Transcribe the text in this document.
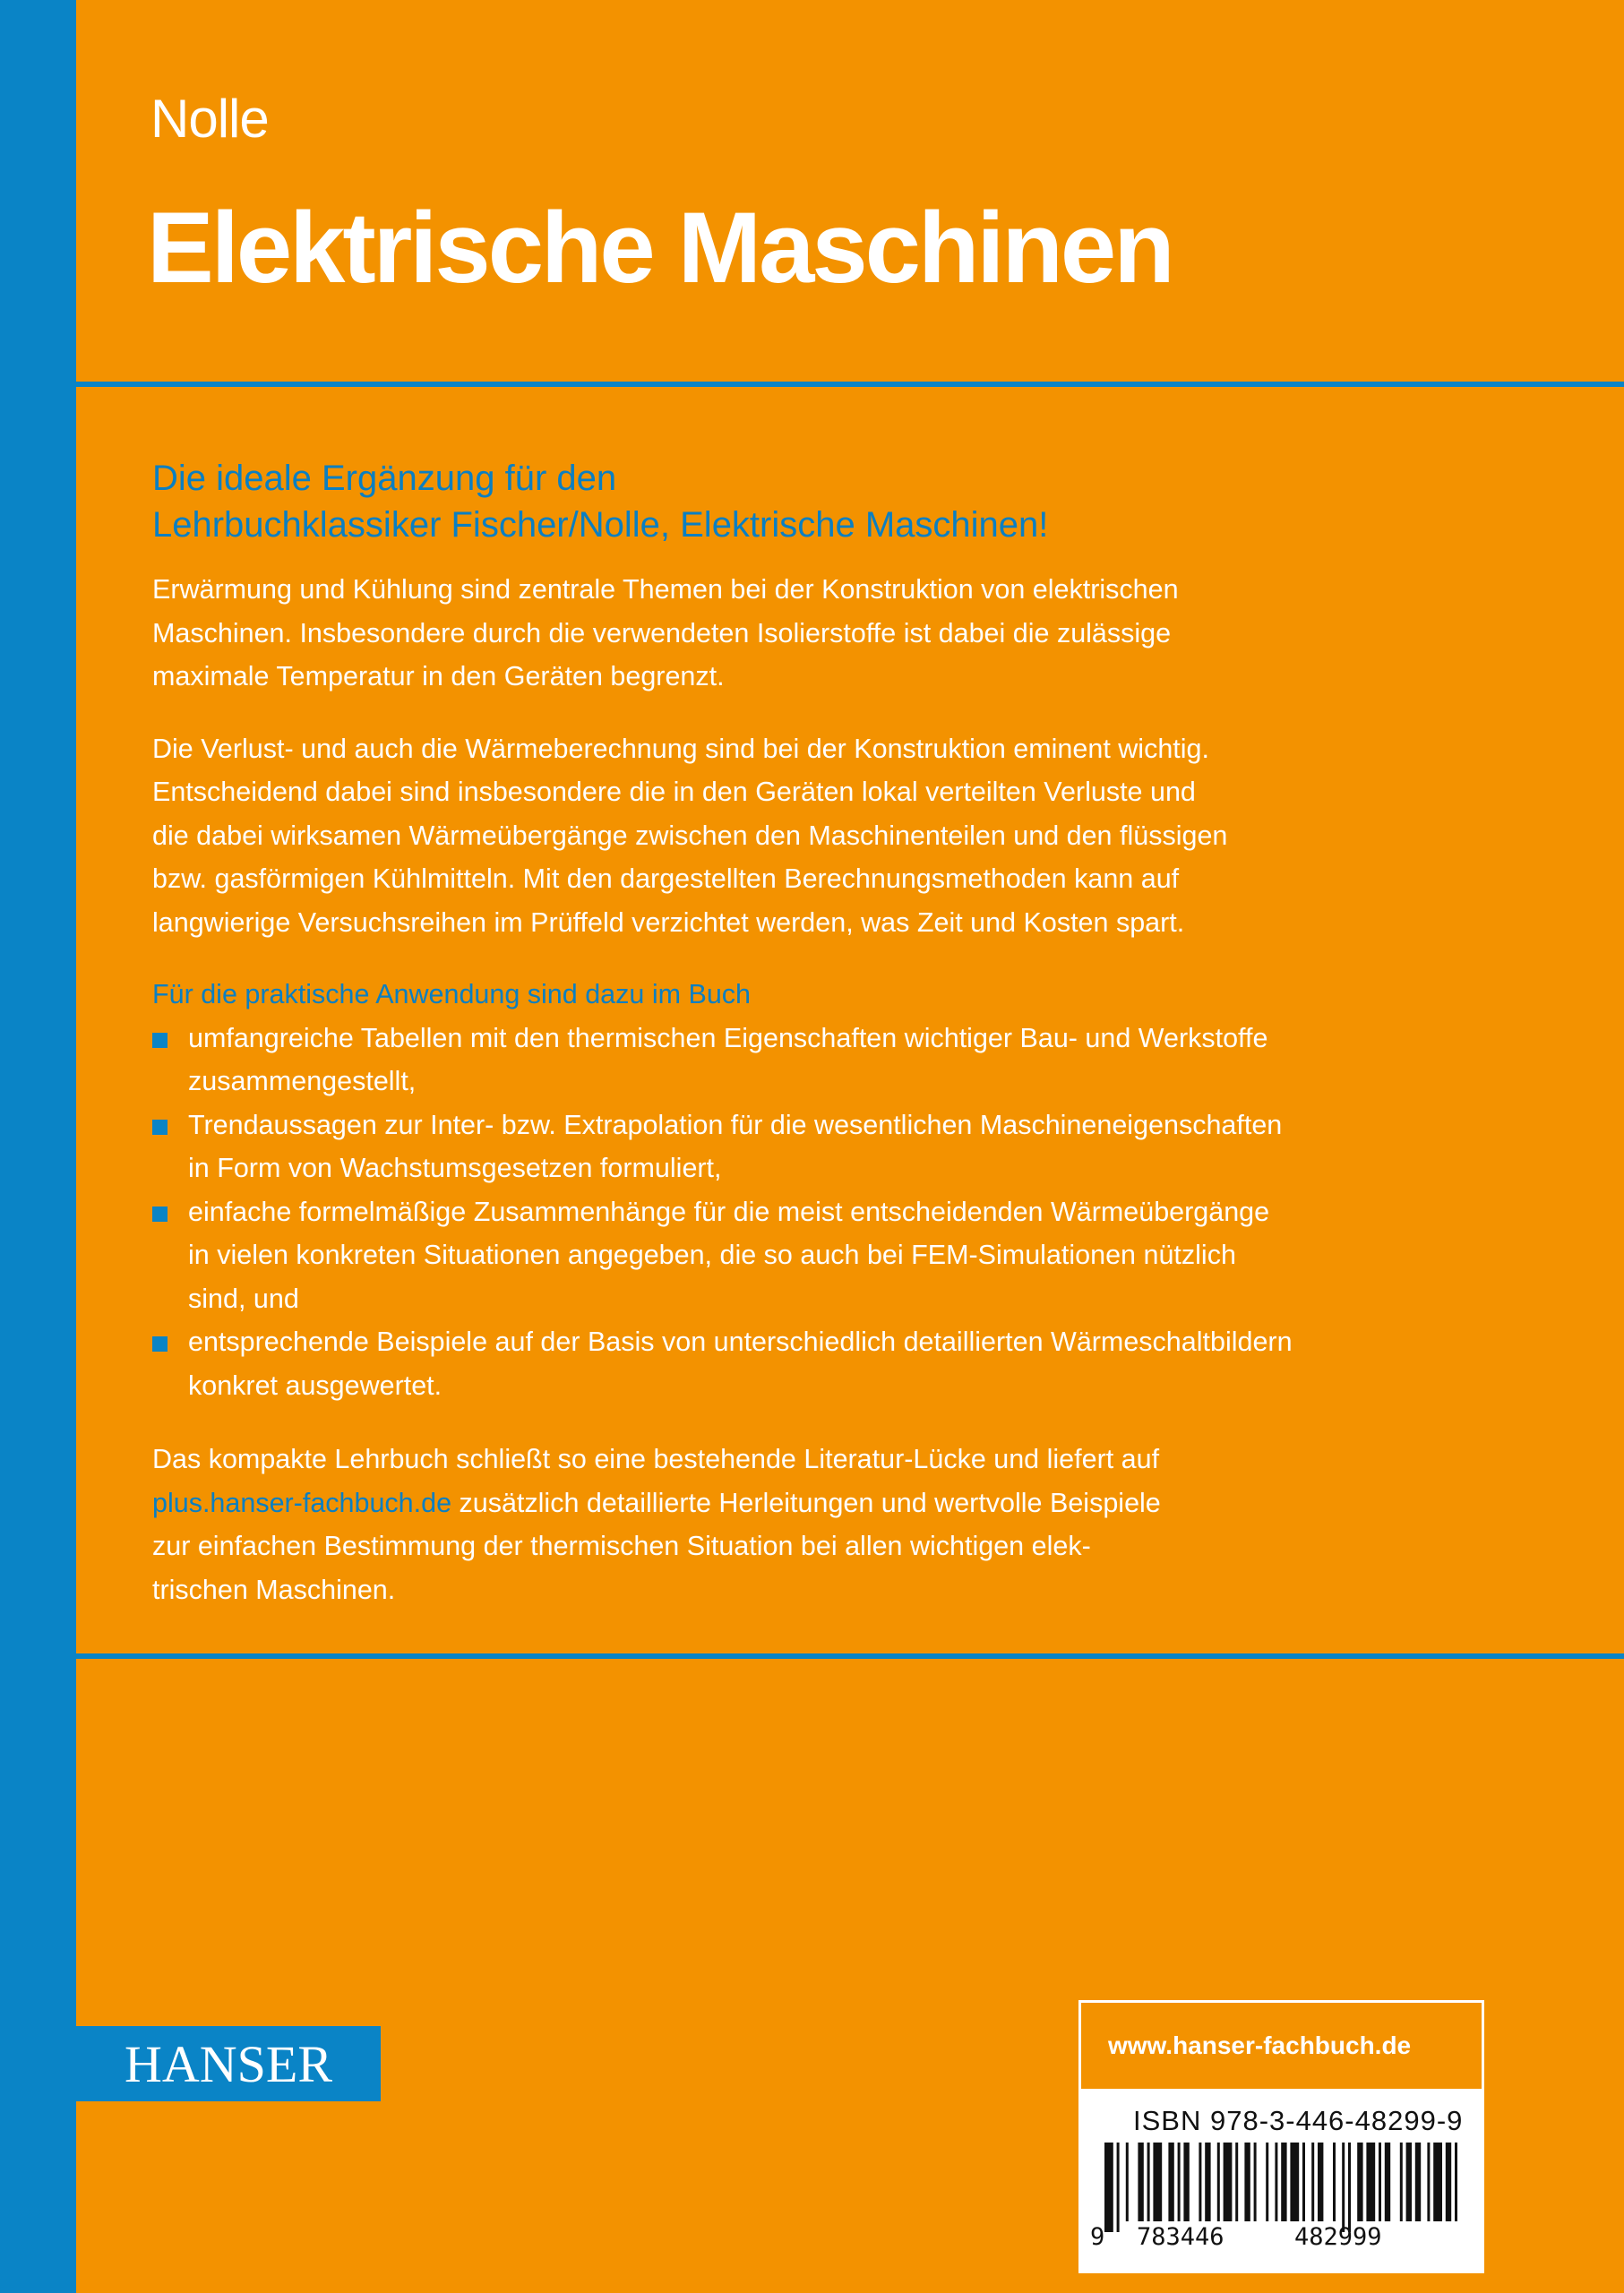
Nolle
Elektrische Maschinen
Die ideale Ergänzung für den
Lehrbuchklassiker Fischer/Nolle, Elektrische Maschinen!
Erwärmung und Kühlung sind zentrale Themen bei der Konstruktion von elektrischen
Maschinen. Insbesondere durch die verwendeten Isolierstoffe ist dabei die zulässige
maximale Temperatur in den Geräten begrenzt.
Die Verlust- und auch die Wärmeberechnung sind bei der Konstruktion eminent wichtig.
Entscheidend dabei sind insbesondere die in den Geräten lokal verteilten Verluste und
die dabei wirksamen Wärmeübergänge zwischen den Maschinenteilen und den flüssigen
bzw. gasförmigen Kühlmitteln. Mit den dargestellten Berechnungsmethoden kann auf
langwierige Versuchsreihen im Prüffeld verzichtet werden, was Zeit und Kosten spart.
Für die praktische Anwendung sind dazu im Buch
umfangreiche Tabellen mit den thermischen Eigenschaften wichtiger Bau- und Werkstoffe
zusammengestellt,
Trendaussagen zur Inter- bzw. Extrapolation für die wesentlichen Maschineneigenschaften
in Form von Wachstumsgesetzen formuliert,
einfache formelmäßige Zusammenhänge für die meist entscheidenden Wärmeübergänge
in vielen konkreten Situationen angegeben, die so auch bei FEM-Simulationen nützlich
sind, und
entsprechende Beispiele auf der Basis von unterschiedlich detaillierten Wärmeschaltbildern
konkret ausgewertet.
Das kompakte Lehrbuch schließt so eine bestehende Literatur-Lücke und liefert auf
plus.hanser-fachbuch.de zusätzlich detaillierte Herleitungen und wertvolle Beispiele
zur einfachen Bestimmung der thermischen Situation bei allen wichtigen elek-
trischen Maschinen.
HANSER	www.hanser-fachbuch.de
ISBN 978-3-446-48299-9
9 783446	482999
